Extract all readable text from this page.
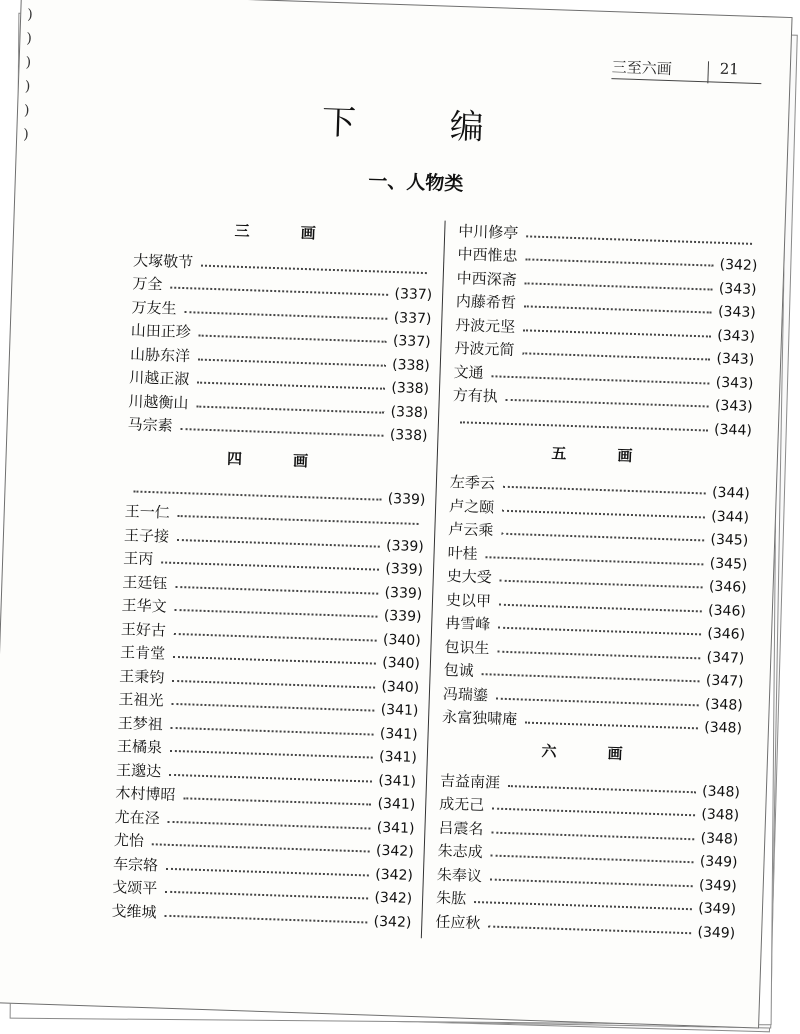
)
)
)
)
)
)
三至六画	21
下　编
一、人物类
三　画
大塚敬节
万全
(337)
万友生
(337)
山田正珍
(337)
山胁东洋
(338)
川越正淑
(338)
川越衡山
(338)
马宗素
(338)
四　画
(339)
王一仁
王子接
(339)
王丙
(339)
王廷钰
(339)
王华文
(339)
王好古
(340)
王肯堂
(340)
王秉钧
(340)
王祖光
(341)
王梦祖
(341)
王橘泉
(341)
王邈达
(341)
木村博昭
(341)
尤在泾
(341)
尤怡
(342)
车宗辂
(342)
戈颂平
(342)
戈维城
(342)
中川修亭
中西惟忠
(342)
中西深斋
(343)
内藤希哲
(343)
丹波元坚
(343)
丹波元简
(343)
文通
(343)
方有执
(343)
(344)
五　画
左季云
(344)
卢之颐
(344)
卢云乘
(345)
叶桂
(345)
史大受
(346)
史以甲
(346)
冉雪峰
(346)
包识生
(347)
包诚
(347)
冯瑞鎏
(348)
永富独啸庵	(348)
六　画
吉益南涯
(348)
成无己
(348)
吕震名
(348)
朱志成
(349)
朱奉议
(349)
朱肱
(349)
任应秋
(349)
